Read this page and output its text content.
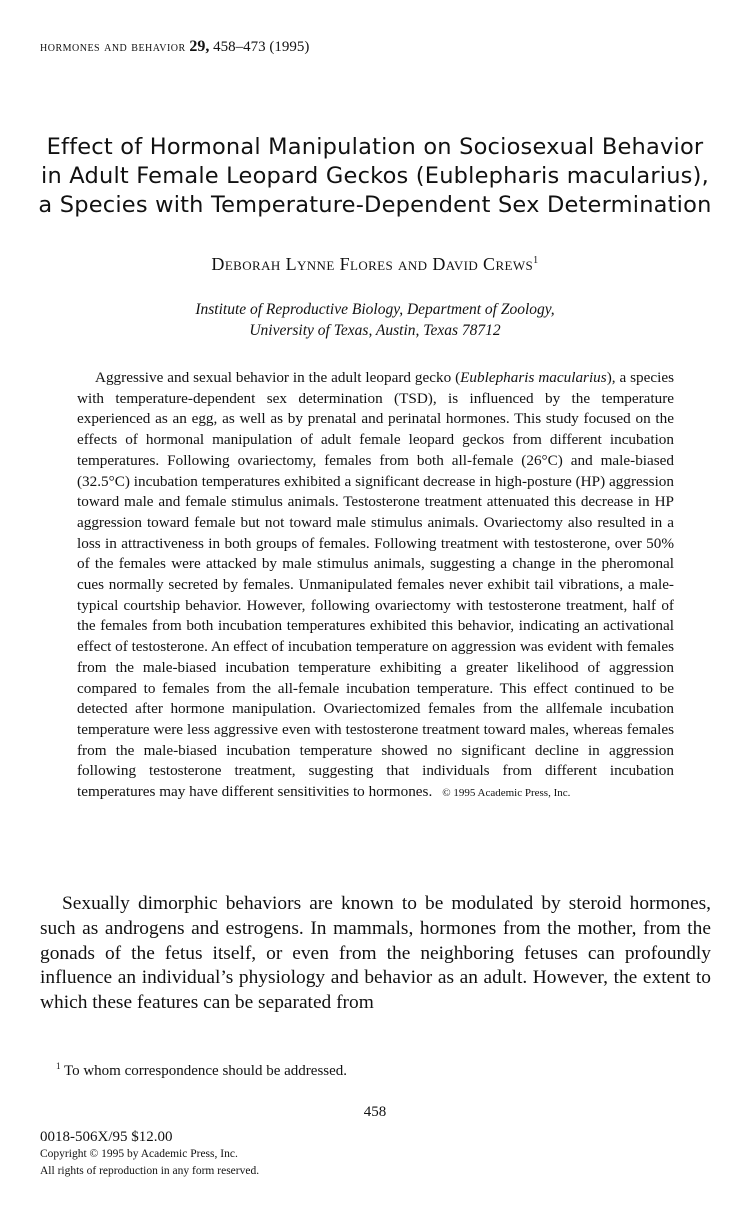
hormones and behavior 29, 458–473 (1995)
Effect of Hormonal Manipulation on Sociosexual Behavior
in Adult Female Leopard Geckos (Eublepharis macularius),
a Species with Temperature-Dependent Sex Determination
Deborah Lynne Flores and David Crews$^1$
Institute of Reproductive Biology, Department of Zoology,
University of Texas, Austin, Texas 78712
Aggressive and sexual behavior in the adult leopard gecko (Eublepharis macularius), a species with temperature-dependent sex determination (TSD), is influenced by the temperature experienced as an egg, as well as by prenatal and perinatal hormones. This study focused on the effects of hormonal manipulation of adult female leopard geckos from different incubation temperatures. Following ovariectomy, females from both all-female (26°C) and male-biased (32.5°C) incubation temperatures exhibited a significant decrease in high-posture (HP) aggression toward male and female stimulus animals. Testosterone treatment attenuated this decrease in HP aggression toward female but not toward male stimulus animals. Ovariectomy also resulted in a loss in attractiveness in both groups of females. Following treatment with testosterone, over 50% of the females were attacked by male stimulus animals, suggesting a change in the pheromonal cues normally secreted by females. Unmanipulated females never exhibit tail vibrations, a male-typical courtship behavior. However, following ovariectomy with testosterone treatment, half of the females from both incubation temperatures exhibited this behavior, indicating an activational effect of testosterone. An effect of incubation temperature on aggression was evident with females from the male-biased incubation temperature exhibiting a greater likelihood of aggression compared to females from the all-female incubation temperature. This effect continued to be detected after hormone manipulation. Ovariectomized females from the allfemale incubation temperature were less aggressive even with testosterone treatment toward males, whereas females from the male-biased incubation temperature showed no significant decline in aggression following testosterone treatment, suggesting that individuals from different incubation temperatures may have different sensitivities to hormones. © 1995 Academic Press, Inc.
Sexually dimorphic behaviors are known to be modulated by steroid hormones, such as androgens and estrogens. In mammals, hormones from the mother, from the gonads of the fetus itself, or even from the neighboring fetuses can profoundly influence an individual’s physiology and behavior as an adult. However, the extent to which these features can be separated from
$^1$ To whom correspondence should be addressed.
458
0018-506X/95 $12.00
Copyright © 1995 by Academic Press, Inc.
All rights of reproduction in any form reserved.
